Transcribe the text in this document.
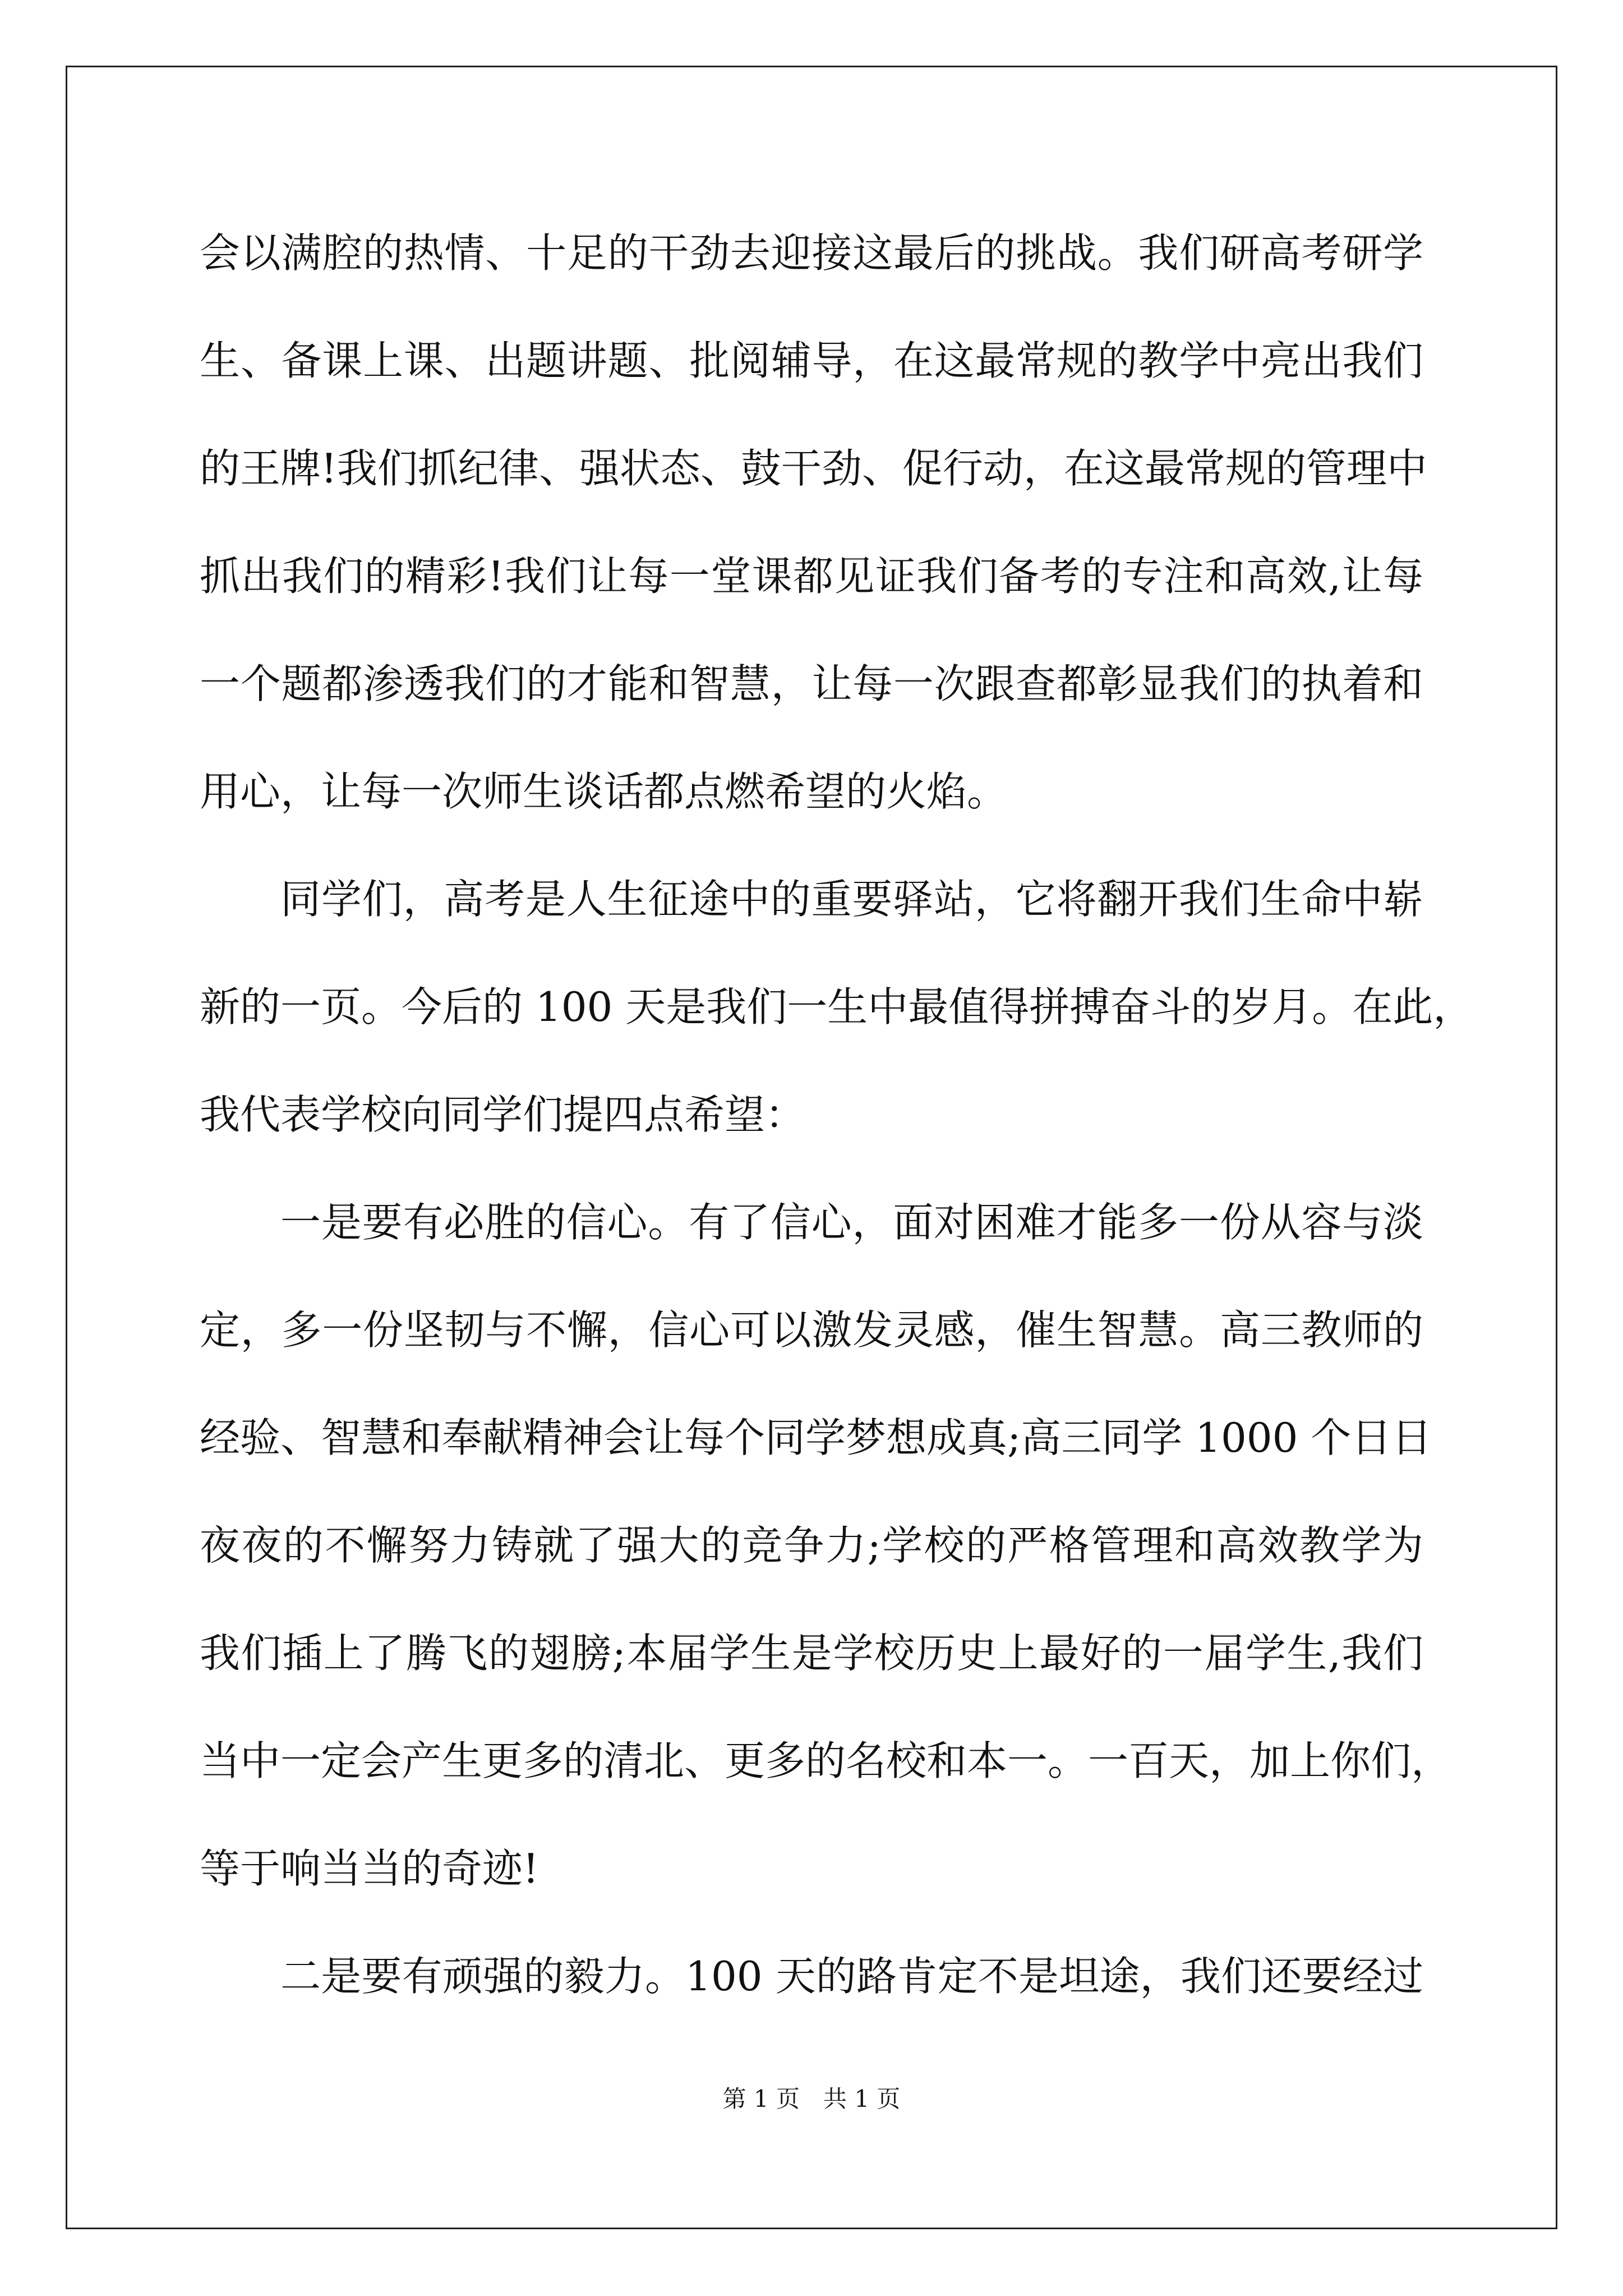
会以满腔的热情、十足的干劲去迎接这最后的挑战。我们研高考研学
生、备课上课、出题讲题、批阅辅导，在这最常规的教学中亮出我们
的王牌!我们抓纪律、强状态、鼓干劲、促行动，在这最常规的管理中
抓出我们的精彩!我们让每一堂课都见证我们备考的专注和高效,让每
一个题都渗透我们的才能和智慧，让每一次跟查都彰显我们的执着和
用心，让每一次师生谈话都点燃希望的火焰。
同学们，高考是人生征途中的重要驿站，它将翻开我们生命中崭
新的一页。今后的 100 天是我们一生中最值得拼搏奋斗的岁月。在此，
我代表学校向同学们提四点希望：
一是要有必胜的信心。有了信心，面对困难才能多一份从容与淡
定，多一份坚韧与不懈，信心可以激发灵感，催生智慧。高三教师的
经验、智慧和奉献精神会让每个同学梦想成真;高三同学 1000 个日日
夜夜的不懈努力铸就了强大的竞争力;学校的严格管理和高效教学为
我们插上了腾飞的翅膀;本届学生是学校历史上最好的一届学生,我们
当中一定会产生更多的清北、更多的名校和本一。一百天，加上你们，
等于响当当的奇迹!
二是要有顽强的毅力。100 天的路肯定不是坦途，我们还要经过
第 1 页 共 1 页
